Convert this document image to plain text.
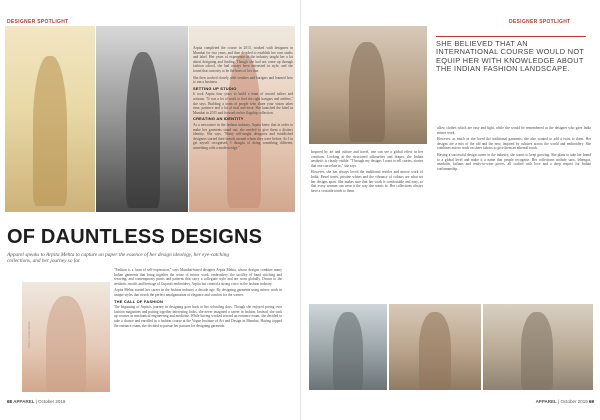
DESIGNER SPOTLIGHT
OF DAUNTLESS DESIGNS
Apparel speaks to Arpita Mehta to capture on paper the essence of her design ideology, her eye-catching collections, and her journey so far.
Photo: Arpita Mehta

Arpita completed the course in 2013, worked with designers in Mumbai for two years, and then decided to establish her own studio and label. Her years of experience in the industry taught her a lot about designing and finding. Though she had not come up through fashion school, she had always been interested in style, and she found that curiosity to be the basis of her line.

She then worked closely with vendors and karigars and learned how to run a business.

SETTING UP STUDIO

It took Arpita four years to build a team of trusted tailors and artisans. "It was a lot of work to find the right karigars and ateliers," she says. Building a team of people who share your vision takes time, patience and a lot of trial and error. She launched the label in Mumbai in 2015 and focused on her flagship collection.

CREATING AN IDENTITY

As a newcomer in the fashion industry, Arpita knew that in order to make her garments stand out, she needed to give them a distinct identity. She says, "Many self-taught designers and established designers started their brands around whom they were before. So I to get myself recognised, I thought of doing something different, something with a modern edge."

"Fashion is a form of self-expression," says Mumbai-based designer Arpita Mehta, whose designs combine many Indian garments that bring together the sense of mirror work, embroidery, the tactility of hand stitching and weaving, and contemporary prints and patterns that carry a collegiate style and are worn globally. Drawn to the aesthetic, motifs and heritage of Gujarati embroidery, Arpita has created a strong voice in the fashion industry.

Arpita Mehta started her career in the fashion industry a decade ago. By designing garments using mirror work in unique styles that struck the perfect amalgamation of elegance and comfort for the wearer.

THE CALL OF FASHION

The beginning of Arpita's journey in designing goes back to her schooling days. Though she enjoyed poring over fashion magazines and putting together interesting looks, she never imagined a career in fashion. Instead, she took up courses in mechanical engineering and medicine. While having worked toward an entrance exam, she decided to take a chance and enrolled in a fashion course at the Vogue Institute of Art and Design in Mumbai. Having topped the entrance exam, she decided to pursue her passion for designing garments.

68 APPAREL | October 2019
DESIGNER SPOTLIGHT
SHE BELIEVED THAT AN INTERNATIONAL COURSE WOULD NOT EQUIP HER WITH KNOWLEDGE ABOUT THE INDIAN FASHION LANDSCAPE.

Inspired by art and culture and travel, one can see a global effect in her creations. Looking at the structured silhouettes and drapes, the Indian aesthetic is clearly visible. "Through my designs I want to tell stories, stories that one can relate to," she says.

However, she has always loved the traditional textiles and mirror work of India. Pastel tones, pristine whites and the vibrancy of colours are what set her designs apart. She makes sure that her work is comfortable and easy, so that every woman can wear it the way she wants to. Her collections always have a versatile touch to them.

allow clothes which are easy and light, while she would be remembered as the designer who gave India mirror work.

However, as much as she loved the traditional garments, she also wanted to add a twist to them. Her designs are a mix of the old and the new, inspired by cultures across the world and embroidery. She combines mirror work on sheer fabrics to give them an ethereal touch.

Having a successful design career in the industry, she wants to keep growing. She plans to take her brand to a global level and make it a name that people recognise. Her collections include saris, lehengas, anarkalis, kaftans and ready-to-wear pieces, all crafted with love and a deep respect for Indian craftsmanship.

APPAREL | October 2019 69
